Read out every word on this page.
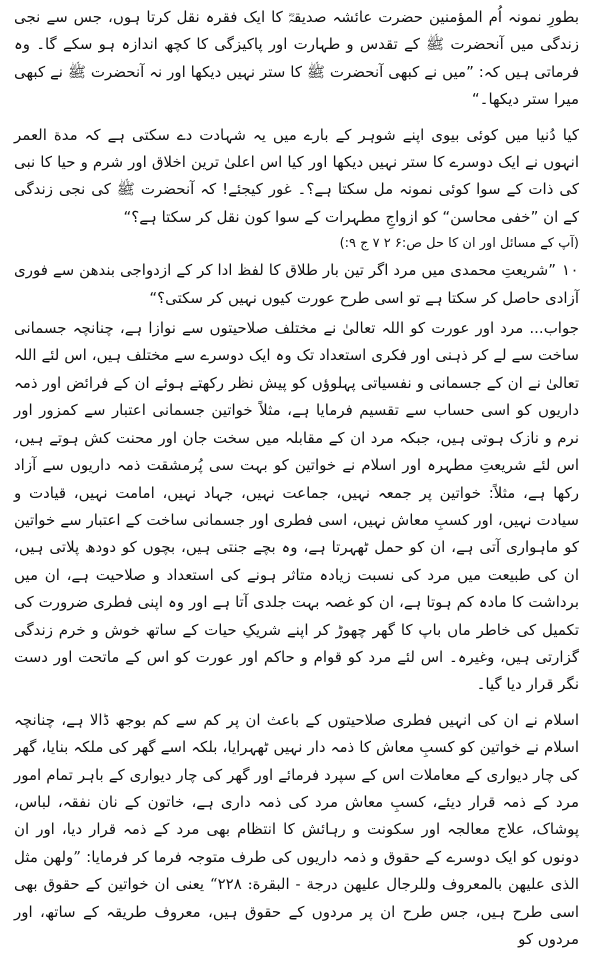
بطورِ نمونہ اُم المؤمنین حضرت عائشہ صدیقہؓ کا ایک فقرہ نقل کرتا ہوں، جس سے نجی زندگی میں آنحضرت ﷺ کے تقدس و طہارت اور پاکیزگی کا کچھ اندازہ ہو سکے گا۔ وہ فرماتی ہیں کہ: ”میں نے کبھی آنحضرت ﷺ کا ستر نہیں دیکھا اور نہ آنحضرت ﷺ نے کبھی میرا ستر دیکھا۔“

کیا دُنیا میں کوئی بیوی اپنے شوہر کے بارے میں یہ شہادت دے سکتی ہے کہ مدة العمر انہوں نے ایک دوسرے کا ستر نہیں دیکھا اور کیا اس اعلیٰ ترین اخلاق اور شرم و حیا کا نبی کی ذات کے سوا کوئی نمونہ مل سکتا ہے؟۔ غور کیجئے! کہ آنحضرت ﷺ کی نجی زندگی کے ان ”خفی محاسن“ کو ازواجِ مطہرات کے سوا کون نقل کر سکتا ہے؟“

(آپ کے مسائل اور ان کا حل ص:۶ ۲ ۷ ج ۹:)

۱۰ ”شریعتِ محمدی میں مرد اگر تین بار طلاق کا لفظ ادا کر کے ازدواجی بندھن سے فوری آزادی حاصل کر سکتا ہے تو اسی طرح عورت کیوں نہیں کر سکتی؟“

جواب... مرد اور عورت کو اللہ تعالیٰ نے مختلف صلاحیتوں سے نوازا ہے، چنانچہ جسمانی ساخت سے لے کر ذہنی اور فکری استعداد تک وہ ایک دوسرے سے مختلف ہیں، اس لئے اللہ تعالیٰ نے ان کے جسمانی و نفسیاتی پہلوؤں کو پیش نظر رکھتے ہوئے ان کے فرائض اور ذمہ داریوں کو اسی حساب سے تقسیم فرمایا ہے، مثلاً خواتین جسمانی اعتبار سے کمزور اور نرم و نازک ہوتی ہیں، جبکہ مرد ان کے مقابلہ میں سخت جان اور محنت کش ہوتے ہیں، اس لئے شریعتِ مطہرہ اور اسلام نے خواتین کو بہت سی پُرمشقت ذمہ داریوں سے آزاد رکھا ہے، مثلاً: خواتین پر جمعہ نہیں، جماعت نہیں، جہاد نہیں، امامت نہیں، قیادت و سیادت نہیں، اور کسبِ معاش نہیں، اسی فطری اور جسمانی ساخت کے اعتبار سے خواتین کو ماہواری آتی ہے، ان کو حمل ٹھہرتا ہے، وہ بچے جنتی ہیں، بچوں کو دودھ پلاتی ہیں، ان کی طبیعت میں مرد کی نسبت زیادہ متاثر ہونے کی استعداد و صلاحیت ہے، ان میں برداشت کا مادہ کم ہوتا ہے، ان کو غصہ بہت جلدی آتا ہے اور وہ اپنی فطری ضرورت کی تکمیل کی خاطر ماں باپ کا گھر چھوڑ کر اپنے شریکِ حیات کے ساتھ خوش و خرم زندگی گزارتی ہیں، وغیرہ۔ اس لئے مرد کو قوام و حاکم اور عورت کو اس کے ماتحت اور دست نگر قرار دیا گیا۔

اسلام نے ان کی انہیں فطری صلاحیتوں کے باعث ان پر کم سے کم بوجھ ڈالا ہے، چنانچہ اسلام نے خواتین کو کسبِ معاش کا ذمہ دار نہیں ٹھہرایا، بلکہ اسے گھر کی ملکہ بنایا، گھر کی چار دیواری کے معاملات اس کے سپرد فرمائے اور گھر کی چار دیواری کے باہر تمام امور مرد کے ذمہ قرار دیئے، کسبِ معاش مرد کی ذمہ داری ہے، خاتون کے نان نفقہ، لباس، پوشاک، علاج معالجہ اور سکونت و رہائش کا انتظام بھی مرد کے ذمہ قرار دیا، اور ان دونوں کو ایک دوسرے کے حقوق و ذمہ داریوں کی طرف متوجہ فرما کر فرمایا: ”ولهن مثل الذی علیهن بالمعروف وللرجال علیهن درجة - البقرة: ۲۲۸“ یعنی ان خواتین کے حقوق بھی اسی طرح ہیں، جس طرح ان پر مردوں کے حقوق ہیں، معروف طریقہ کے ساتھ، اور مردوں کو
